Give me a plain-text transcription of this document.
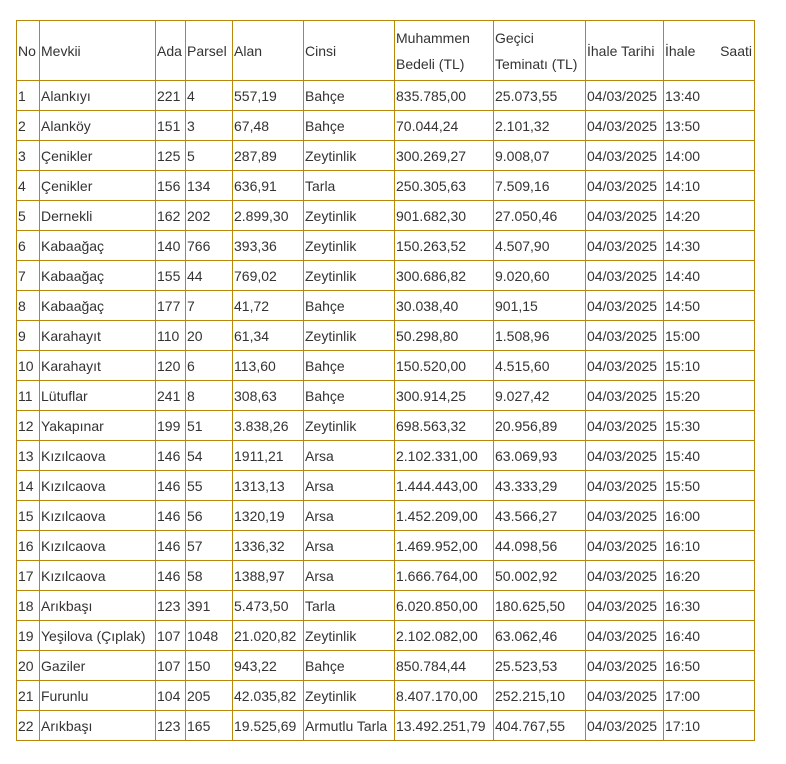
No	Mevkii	Ada	Parsel	Alan	Cinsi	Muhammen
Bedeli (TL)	Geçici
Teminatı (TL)	İhale Tarihi	İhale Saati

1	Alankıyı	221	4	557,19	Bahçe	835.785,00	25.073,55	04/03/2025	13:40
2	Alanköy	151	3	67,48	Bahçe	70.044,24	2.101,32	04/03/2025	13:50
3	Çenikler	125	5	287,89	Zeytinlik	300.269,27	9.008,07	04/03/2025	14:00
4	Çenikler	156	134	636,91	Tarla	250.305,63	7.509,16	04/03/2025	14:10
5	Dernekli	162	202	2.899,30	Zeytinlik	901.682,30	27.050,46	04/03/2025	14:20
6	Kabaağaç	140	766	393,36	Zeytinlik	150.263,52	4.507,90	04/03/2025	14:30
7	Kabaağaç	155	44	769,02	Zeytinlik	300.686,82	9.020,60	04/03/2025	14:40
8	Kabaağaç	177	7	41,72	Bahçe	30.038,40	901,15	04/03/2025	14:50
9	Karahayıt	110	20	61,34	Zeytinlik	50.298,80	1.508,96	04/03/2025	15:00
10	Karahayıt	120	6	113,60	Bahçe	150.520,00	4.515,60	04/03/2025	15:10
11	Lütuflar	241	8	308,63	Bahçe	300.914,25	9.027,42	04/03/2025	15:20
12	Yakapınar	199	51	3.838,26	Zeytinlik	698.563,32	20.956,89	04/03/2025	15:30
13	Kızılcaova	146	54	1911,21	Arsa	2.102.331,00	63.069,93	04/03/2025	15:40
14	Kızılcaova	146	55	1313,13	Arsa	1.444.443,00	43.333,29	04/03/2025	15:50
15	Kızılcaova	146	56	1320,19	Arsa	1.452.209,00	43.566,27	04/03/2025	16:00
16	Kızılcaova	146	57	1336,32	Arsa	1.469.952,00	44.098,56	04/03/2025	16:10
17	Kızılcaova	146	58	1388,97	Arsa	1.666.764,00	50.002,92	04/03/2025	16:20
18	Arıkbaşı	123	391	5.473,50	Tarla	6.020.850,00	180.625,50	04/03/2025	16:30
19	Yeşilova (Çıplak)	107	1048	21.020,82	Zeytinlik	2.102.082,00	63.062,46	04/03/2025	16:40
20	Gaziler	107	150	943,22	Bahçe	850.784,44	25.523,53	04/03/2025	16:50
21	Furunlu	104	205	42.035,82	Zeytinlik	8.407.170,00	252.215,10	04/03/2025	17:00
22	Arıkbaşı	123	165	19.525,69	Armutlu Tarla	13.492.251,79	404.767,55	04/03/2025	17:10
